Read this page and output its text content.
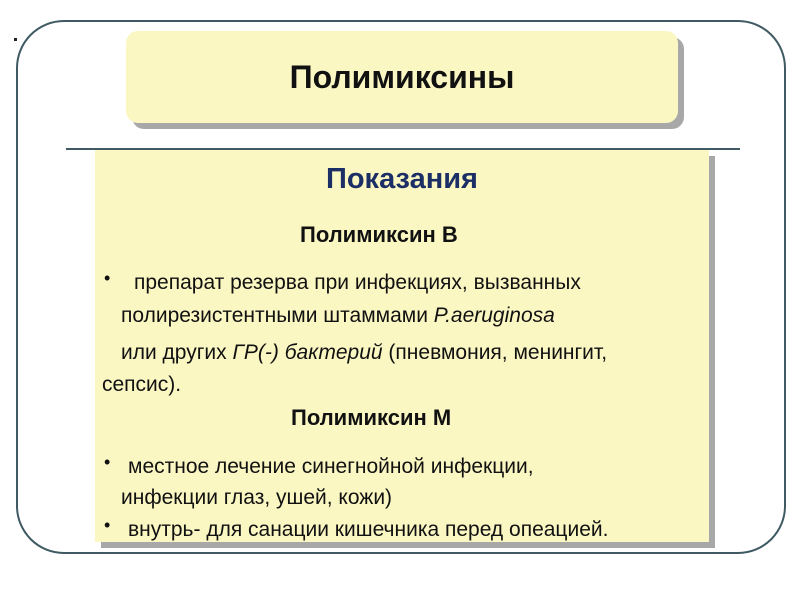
Полимиксины
Показания
Полимиксин В
• препарат резерва при инфекциях, вызванных
полирезистентными штаммами P.aeruginosa
или других ГР(-) бактерий (пневмония, менингит,
сепсис).
Полимиксин М
• местное лечение синегнойной инфекции,
инфекции глаз, ушей, кожи)
• внутрь- для санации кишечника перед опеацией.
